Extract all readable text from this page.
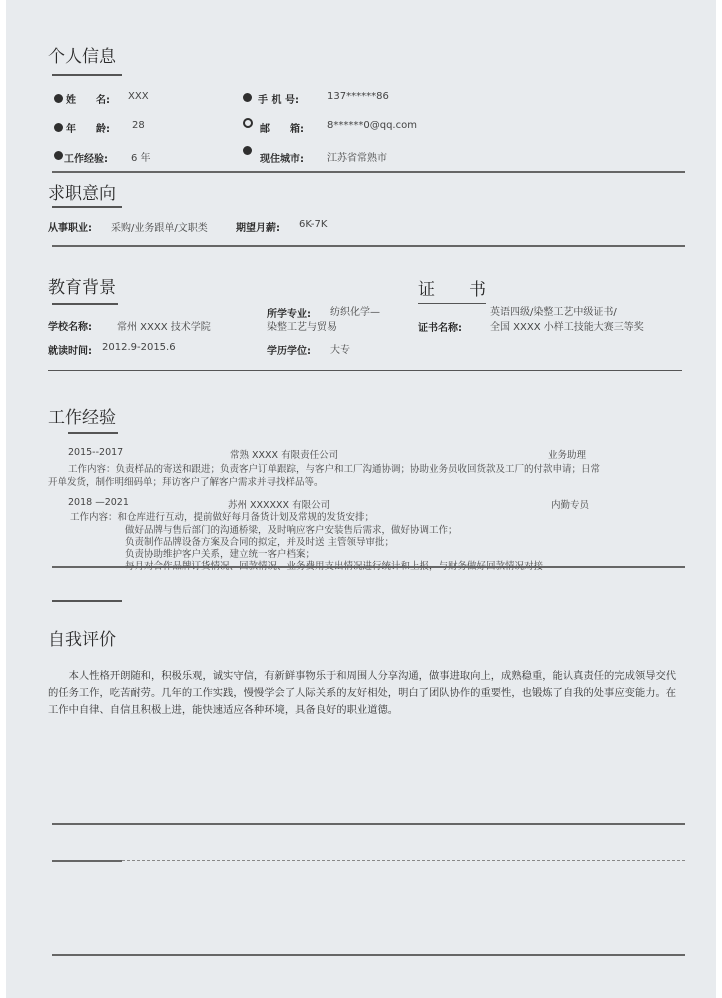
个人信息
姓　　名: XXX
年　　龄: 28
工作经验: 6 年
手 机 号:	137******86
邮　　箱: 8******0@qq.com
现住城市: 江苏省常熟市
求职意向
从事职业: 采购/业务跟单/文职类	期望月薪: 6K-7K
教育背景
学校名称:	常州 XXXX 技术学院
就读时间: 2012.9-2015.6
所学专业: 纺织化学—
染整工艺与贸易
学历学位: 大专
证　　书
英语四级/染整工艺中级证书/
证书名称:	全国 XXXX 小样工技能大赛三等奖
工作经验
2015--2017	常熟 XXXX 有限责任公司	业务助理
工作内容：负责样品的寄送和跟进；负责客户订单跟踪，与客户和工厂沟通协调；协助业务员收回货款及工厂的付款申请；日常
开单发货，制作明细码单；拜访客户了解客户需求并寻找样品等。
2018 —2021	苏州 XXXXXX 有限公司	内勤专员
工作内容：和仓库进行互动，提前做好每月备货计划及常规的发货安排；
做好品牌与售后部门的沟通桥梁，及时响应客户安装售后需求，做好协调工作；
负责制作品牌设备方案及合同的拟定，并及时送 主管领导审批；
负责协助维护客户关系，建立统一客户档案；
自我评价
　　本人性格开朗随和，积极乐观，诚实守信，有新鲜事物乐于和周围人分享沟通，做事进取向上，成熟稳重，能认真责任的完成领导交代的任务工作，吃苦耐劳。几年的工作实践，慢慢学会了人际关系的友好相处，明白了团队协作的重要性，也锻炼了自我的处事应变能力。在工作中自律、自信且积极上进，能快速适应各种环境，具备良好的职业道德。
